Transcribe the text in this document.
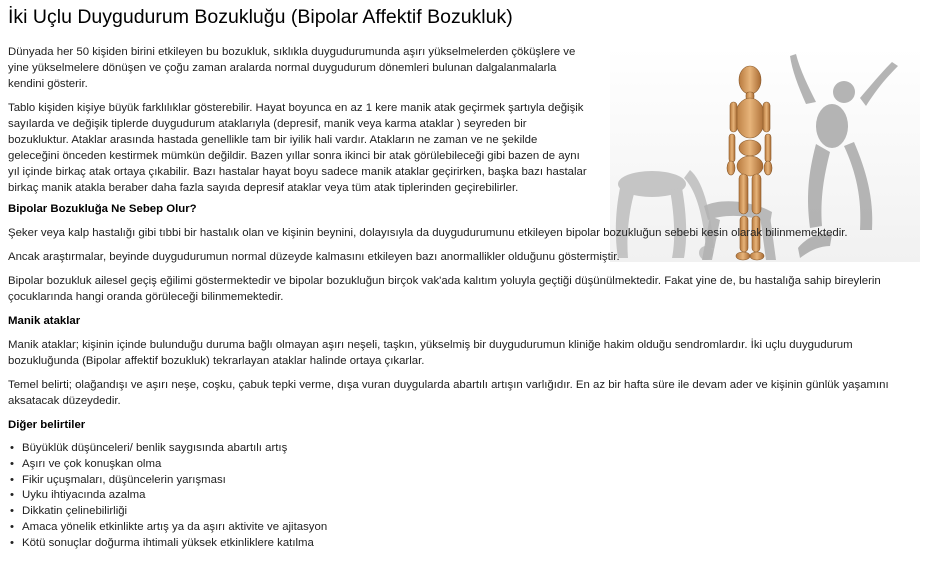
İki Uçlu Duygudurum Bozukluğu (Bipolar Affektif Bozukluk)

Dünyada her 50 kişiden birini etkileyen bu bozukluk, sıklıkla duygudurumunda aşırı yükselmelerden çöküşlere ve yine yükselmelere dönüşen ve çoğu zaman aralarda normal duygudurum dönemleri bulunan dalgalanmalarla kendini gösterir.

Tablo kişiden kişiye büyük farklılıklar gösterebilir. Hayat boyunca en az 1 kere manik atak geçirmek şartıyla değişik sayılarda ve değişik tiplerde duygudurum ataklarıyla (depresif, manik veya karma ataklar ) seyreden bir bozukluktur. Ataklar arasında hastada genellikle tam bir iyilik hali vardır. Atakların ne zaman ve ne şekilde geleceğini önceden kestirmek mümkün değildir. Bazen yıllar sonra ikinci bir atak görülebileceği gibi bazen de aynı yıl içinde birkaç atak ortaya çıkabilir. Bazı hastalar hayat boyu sadece manik ataklar geçirirken, başka bazı hastalar birkaç manik atakla beraber daha fazla sayıda depresif ataklar veya tüm atak tiplerinden geçirebilirler.

Bipolar Bozukluğa Ne Sebep Olur?

Şeker veya kalp hastalığı gibi tıbbi bir hastalık olan ve kişinin beynini, dolayısıyla da duygudurumunu etkileyen bipolar bozukluğun sebebi kesin olarak bilinmemektedir.

Ancak araştırmalar, beyinde duygudurumun normal düzeyde kalmasını etkileyen bazı anormallikler olduğunu göstermiştir.

Bipolar bozukluk ailesel geçiş eğilimi göstermektedir ve bipolar bozukluğun birçok vak'ada kalıtım yoluyla geçtiği düşünülmektedir. Fakat yine de, bu hastalığa sahip bireylerin çocuklarında hangi oranda görüleceği bilinmemektedir.

Manik ataklar

Manik ataklar; kişinin içinde bulunduğu duruma bağlı olmayan aşırı neşeli, taşkın, yükselmiş bir duygudurumun kliniğe hakim olduğu sendromlardır. İki uçlu duygudurum bozukluğunda (Bipolar affektif bozukluk) tekrarlayan ataklar halinde ortaya çıkarlar.

Temel belirti; olağandışı ve aşırı neşe, coşku, çabuk tepki verme, dışa vuran duygularda abartılı artışın varlığıdır. En az bir hafta süre ile devam ader ve kişinin günlük yaşamını aksatacak düzeydedir.

Diğer belirtiler
• Büyüklük düşünceleri/ benlik saygısında abartılı artış
• Aşırı ve çok konuşkan olma
• Fikir uçuşmaları, düşüncelerin yarışması
• Uyku ihtiyacında azalma
• Dikkatin çelinebilirliği
• Amaca yönelik etkinlikte artış ya da aşırı aktivite ve ajitasyon
• Kötü sonuçlar doğurma ihtimali yüksek etkinliklere katılma
